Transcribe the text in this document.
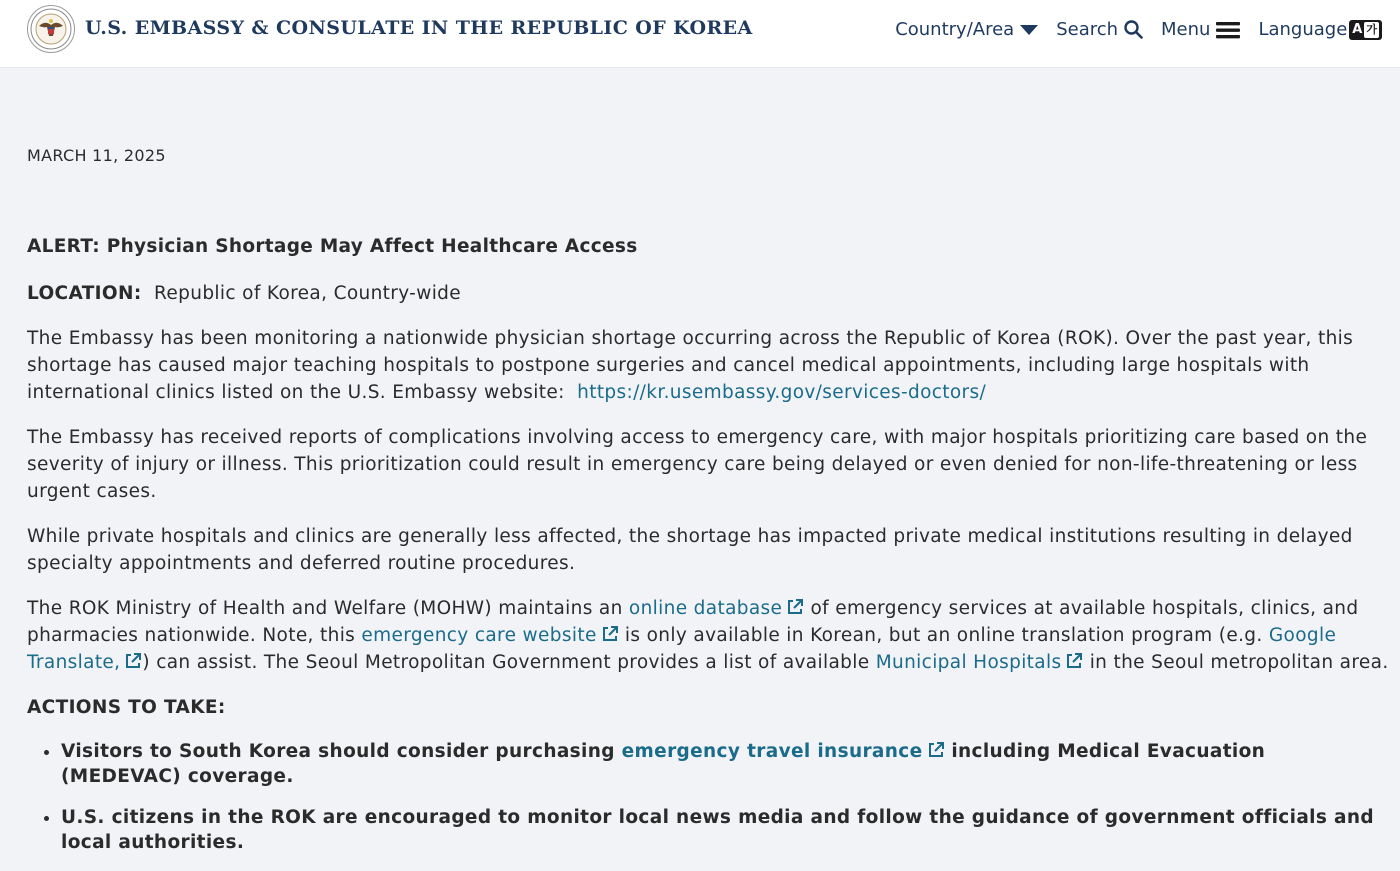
U.S. EMBASSY & CONSULATE IN THE REPUBLIC OF KOREA	Country/Area Search Menu	Language A 가
MARCH 11, 2025
ALERT: Physician Shortage May Affect Healthcare Access

LOCATION: Republic of Korea, Country-wide

The Embassy has been monitoring a nationwide physician shortage occurring across the Republic of Korea (ROK). Over the past year, this shortage has caused major teaching hospitals to postpone surgeries and cancel medical appointments, including large hospitals with international clinics listed on the U.S. Embassy website: https://kr.usembassy.gov/services-doctors/

The Embassy has received reports of complications involving access to emergency care, with major hospitals prioritizing care based on the severity of injury or illness. This prioritization could result in emergency care being delayed or even denied for non-life-threatening or less urgent cases.

While private hospitals and clinics are generally less affected, the shortage has impacted private medical institutions resulting in delayed specialty appointments and deferred routine procedures.

The ROK Ministry of Health and Welfare (MOHW) maintains an online database of emergency services at available hospitals, clinics, and pharmacies nationwide. Note, this emergency care website is only available in Korean, but an online translation program (e.g. Google Translate, ) can assist. The Seoul Metropolitan Government provides a list of available Municipal Hospitals in the Seoul metropolitan area.

ACTIONS TO TAKE:

• Visitors to South Korea should consider purchasing emergency travel insurance including Medical Evacuation (MEDEVAC) coverage.
• U.S. citizens in the ROK are encouraged to monitor local news media and follow the guidance of government officials and local authorities.
